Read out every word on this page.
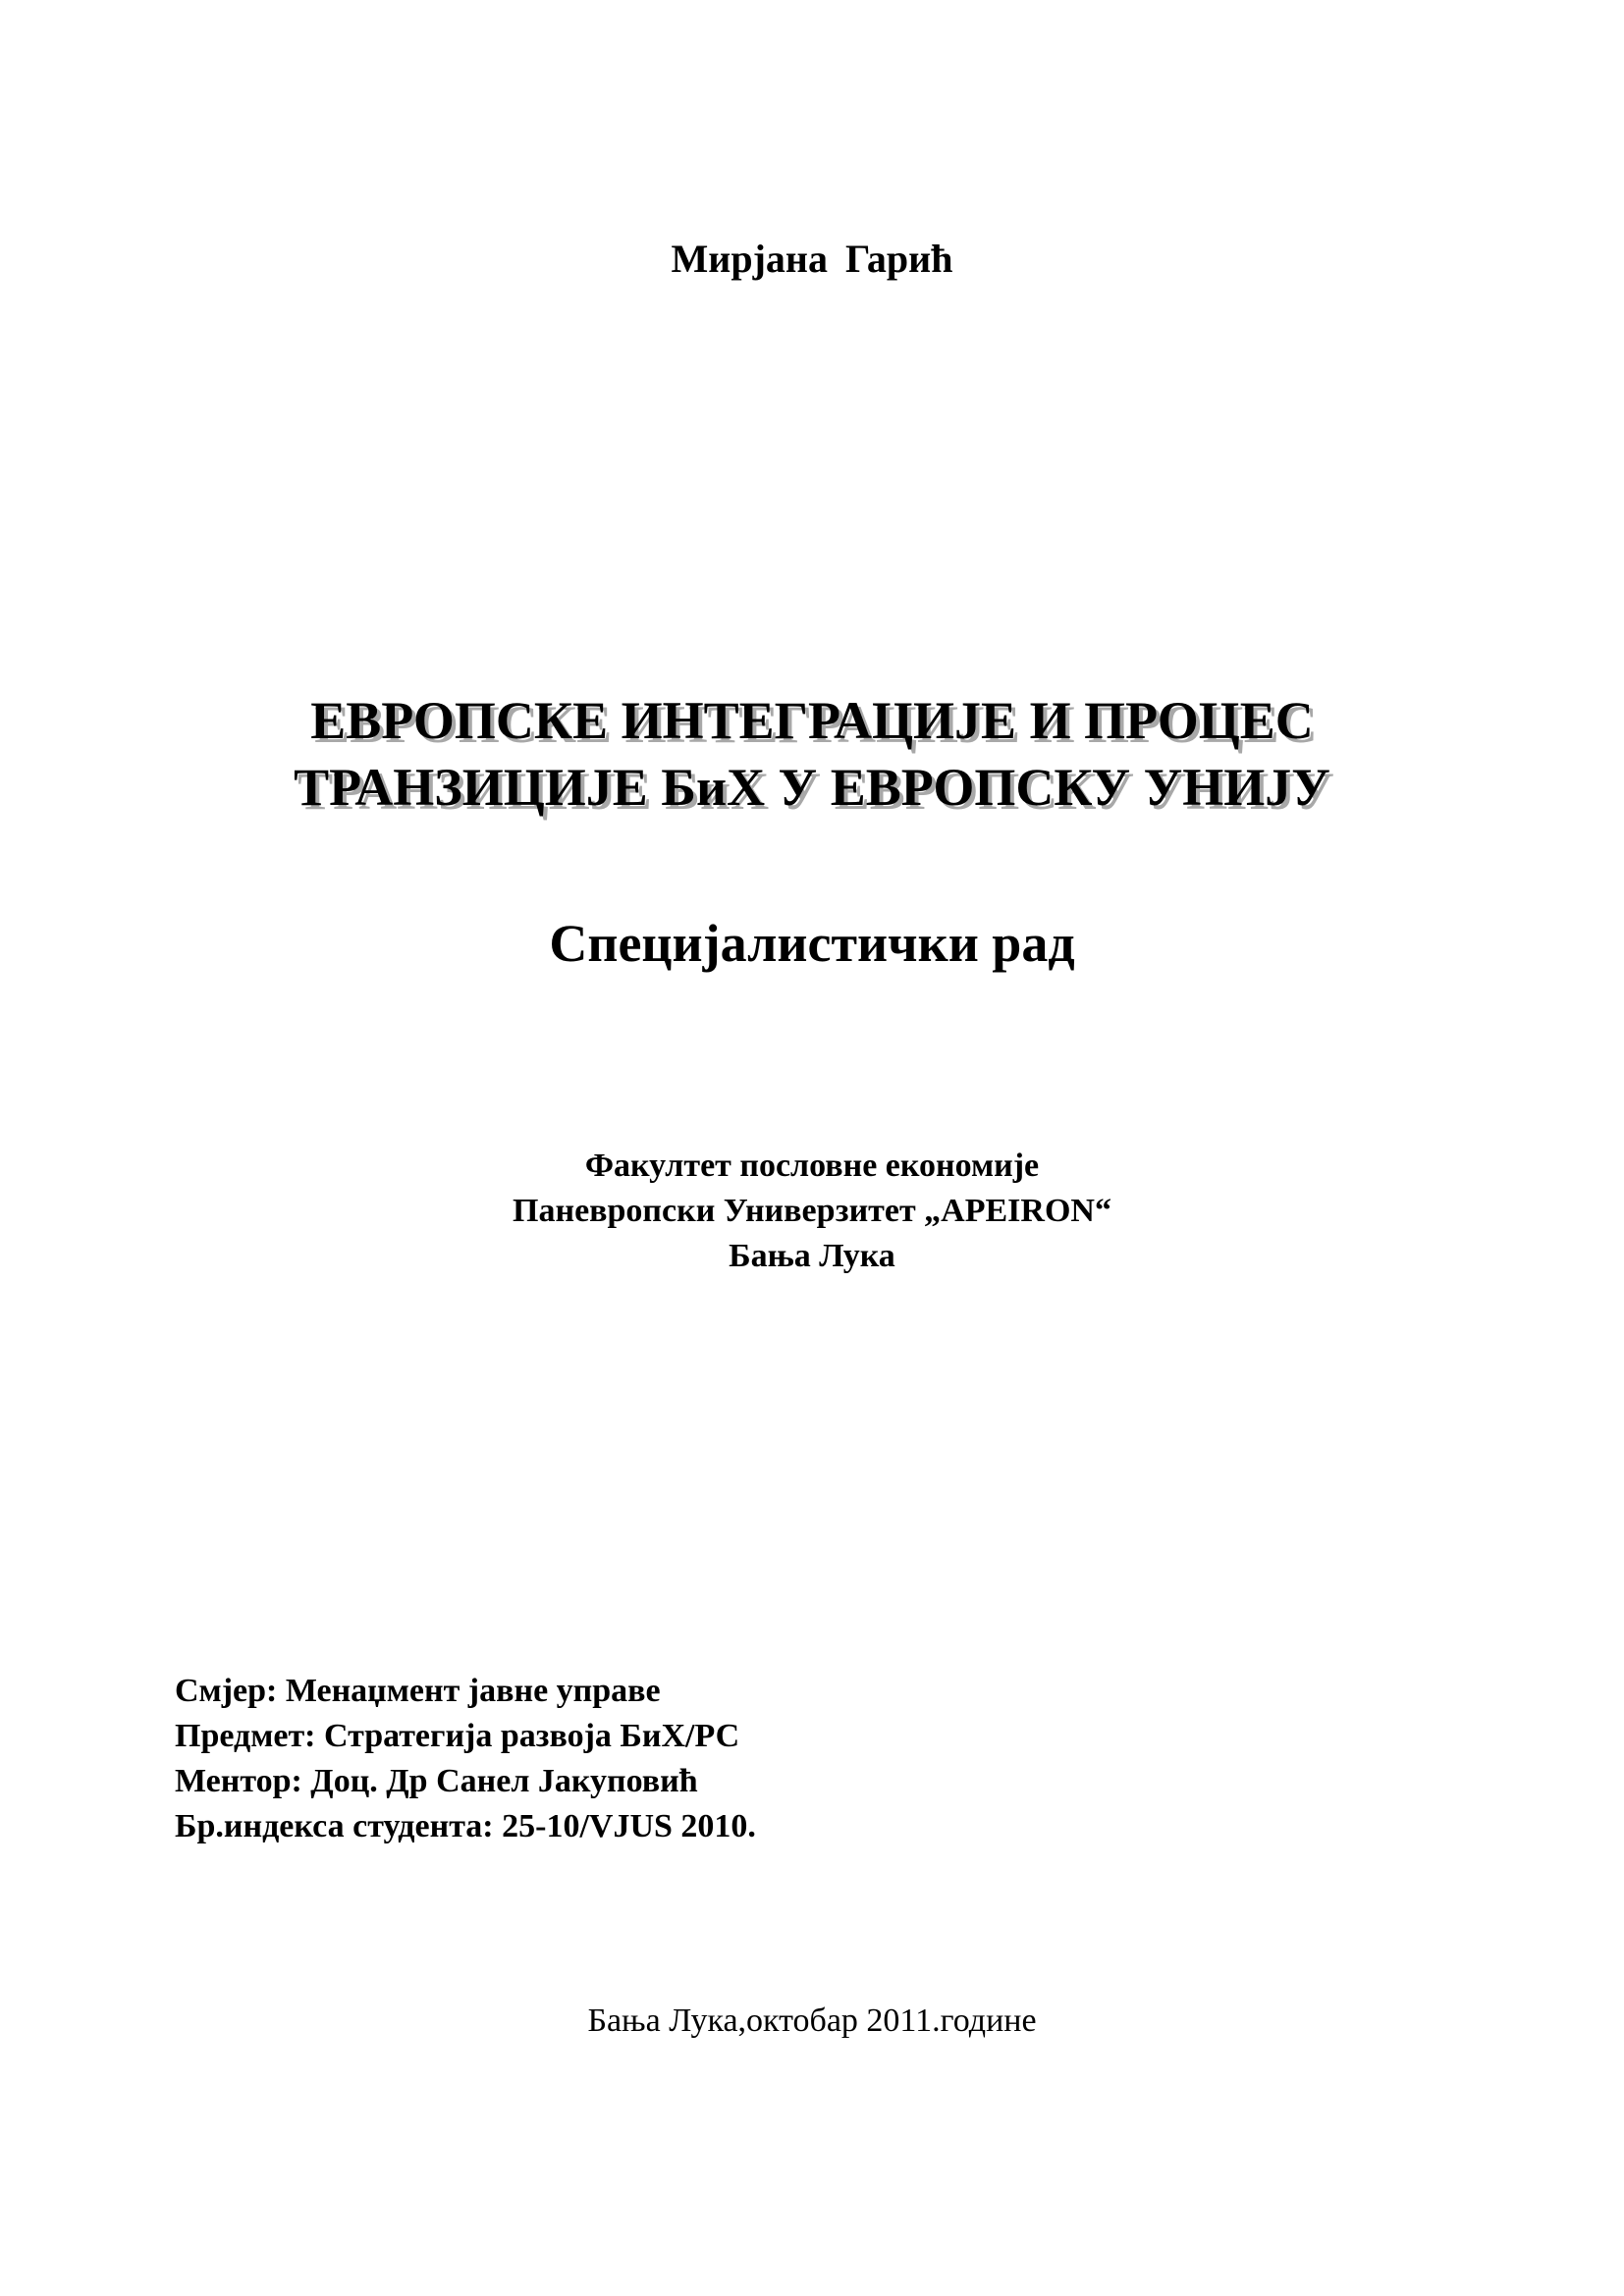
Мирјана Гарић
ЕВРОПСКЕ ИНТЕГРАЦИЈЕ И ПРОЦЕС
ТРАНЗИЦИЈЕ БиХ У ЕВРОПСКУ УНИЈУ
Специјалистички рад
Факултет пословне економије
Паневропски Универзитет „APEIRON“
Бања Лука
Смјер: Менаџмент јавне управе
Предмет: Стратегија развоја БиХ/РС
Ментор: Доц. Др Санел Јакуповић
Бр.индекса студента: 25-10/VJUS 2010.
Бања Лука,октобар 2011.године
